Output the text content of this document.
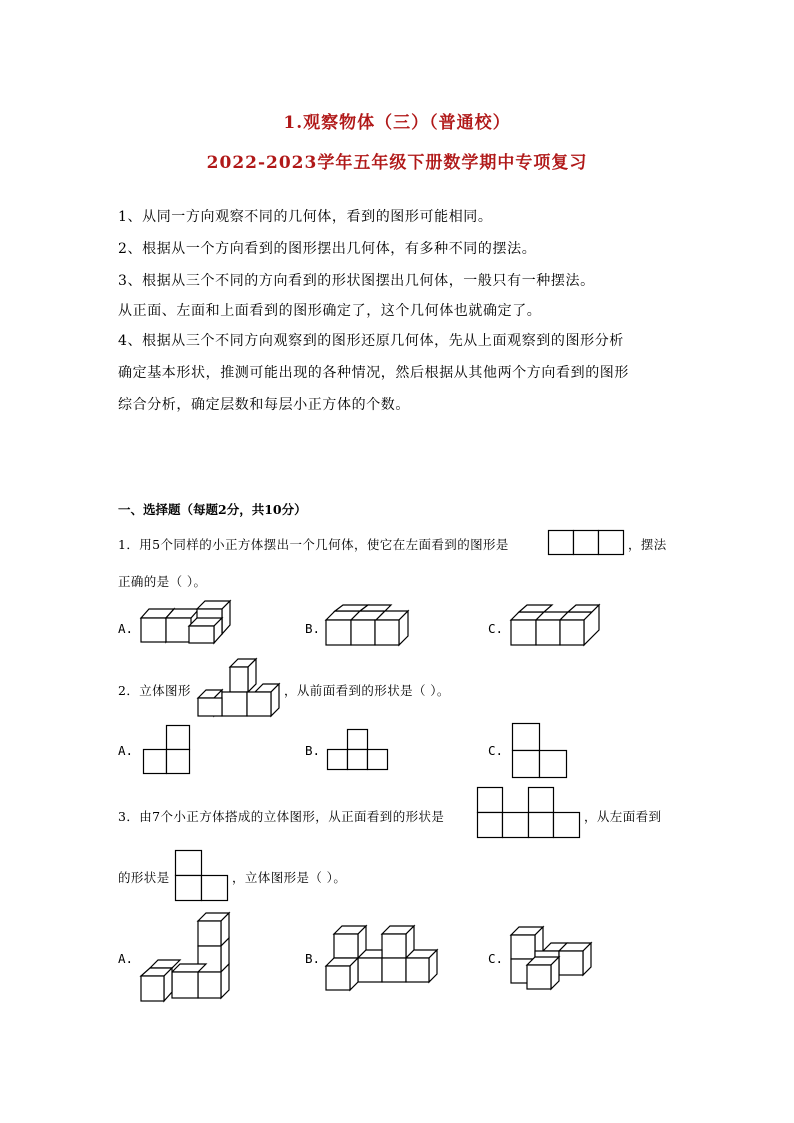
1.观察物体（三）（普通校）
2022-2023学年五年级下册数学期中专项复习
1、从同一方向观察不同的几何体，看到的图形可能相同。
2、根据从一个方向看到的图形摆出几何体，有多种不同的摆法。
3、根据从三个不同的方向看到的形状图摆出几何体，一般只有一种摆法。
从正面、左面和上面看到的图形确定了，这个几何体也就确定了。
4、根据从三个不同方向观察到的图形还原几何体，先从上面观察到的图形分析
确定基本形状，推测可能出现的各种情况，然后根据从其他两个方向看到的图形
综合分析，确定层数和每层小正方体的个数。
一、选择题（每题2分，共10分）
1．用5个同样的小正方体摆出一个几何体，使它在左面看到的图形是	，摆法
正确的是（ ）。
A.	B.	C.
2．立体图形	，从前面看到的形状是（ ）。
A.	B.	C.
3．由7个小正方体搭成的立体图形，从正面看到的形状是	，从左面看到
的形状是	，立体图形是（ ）。
A.	B.	C.
